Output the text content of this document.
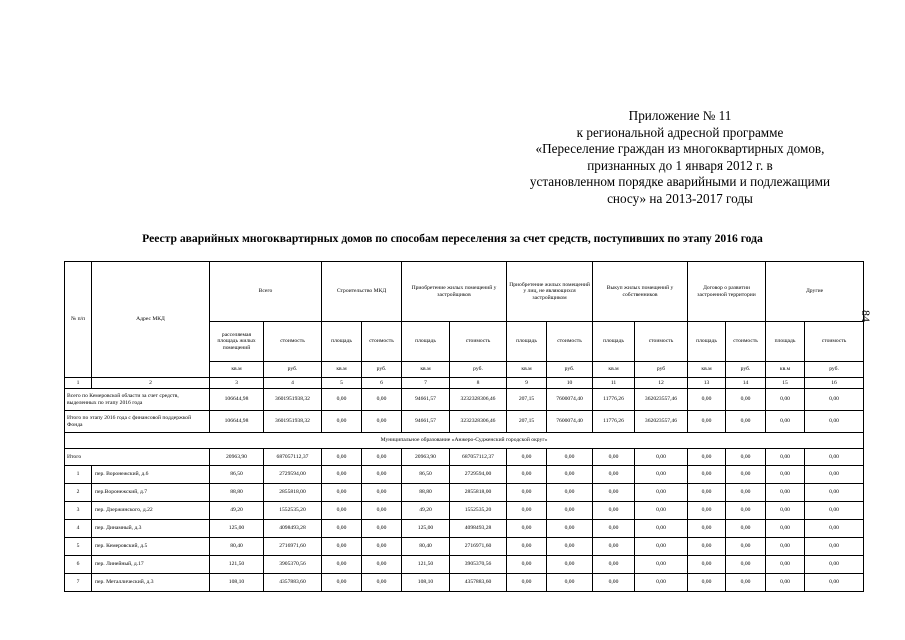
Приложение № 11
к региональной адресной программе
«Переселение граждан из многоквартирных домов,
признанных до 1 января 2012 г. в
установленном порядке аварийными и подлежащими
сносу» на 2013-2017 годы
Реестр аварийных многоквартирных домов по способам переселения за счет средств, поступивших по этапу 2016 года
84
№ п/п	Адрес МКД	Всего		Строительство МКД		Приобретение жилых помещений у застройщиков		Приобретение жилых помещений у лиц, не являющихся застройщиком		Выкуп жилых помещений у собственников		Договор о развитии застроенной территории		Другие	
		расселяемая площадь жилых помещений	стоимость	площадь	стоимость	площадь	стоимость	площадь	стоимость	площадь	стоимость	площадь	стоимость	площадь	стоимость
		кв.м	руб.	кв.м	руб.	кв.м	руб.	кв.м	руб.	кв.м	руб	кв.м	руб.	кв.м	руб.
1	2	3	4	5	6	7	8	9	10	11	12	13	14	15	16
Всего по Кемеровской области за счет средств, выделенных по этапу 2016 года		106644,98	3601951938,32	0,00	0,00	94661,57	3232328306,46	207,15	7600074,40	11776,26	362023557,46	0,00	0,00	0,00	0,00
Итого по этапу 2016 года с финансовой поддержкой Фонда		106644,98	3601951938,32	0,00	0,00	94661,57	3232328306,46	207,15	7600074,40	11776,26	362023557,46	0,00	0,00	0,00	0,00
Муниципальное образование «Анжеро-Судженский городской округ»															
Итого		20963,90	687057112,37	0,00	0,00	20963,90	687057112,37	0,00	0,00	0,00	0,00	0,00	0,00	0,00	0,00
1	пер. Воронежский, д.6	86,50	2729594,00	0,00	0,00	86,50	2729594,00	0,00	0,00	0,00	0,00	0,00	0,00	0,00	0,00
2	пер.Воронежский, д.7	88,80	2855818,00	0,00	0,00	88,80	2855818,00	0,00	0,00	0,00	0,00	0,00	0,00	0,00	0,00
3	пер. Дзержинского, д.22	49,20	1552535,20	0,00	0,00	49,20	1552535,20	0,00	0,00	0,00	0,00	0,00	0,00	0,00	0,00
4	пер. Динамный, д.3	125,00	4098493,28	0,00	0,00	125,00	4098493,28	0,00	0,00	0,00	0,00	0,00	0,00	0,00	0,00
5	пер. Кемеровский, д.5	80,40	2716971,60	0,00	0,00	80,40	2716971,60	0,00	0,00	0,00	0,00	0,00	0,00	0,00	0,00
6	пер. Линейный, д.17	121,50	3905370,56	0,00	0,00	121,50	3905370,56	0,00	0,00	0,00	0,00	0,00	0,00	0,00	0,00
7	пер. Металлический, д.3	108,10	4357883,60	0,00	0,00	108,10	4357883,60	0,00	0,00	0,00	0,00	0,00	0,00	0,00	0,00
